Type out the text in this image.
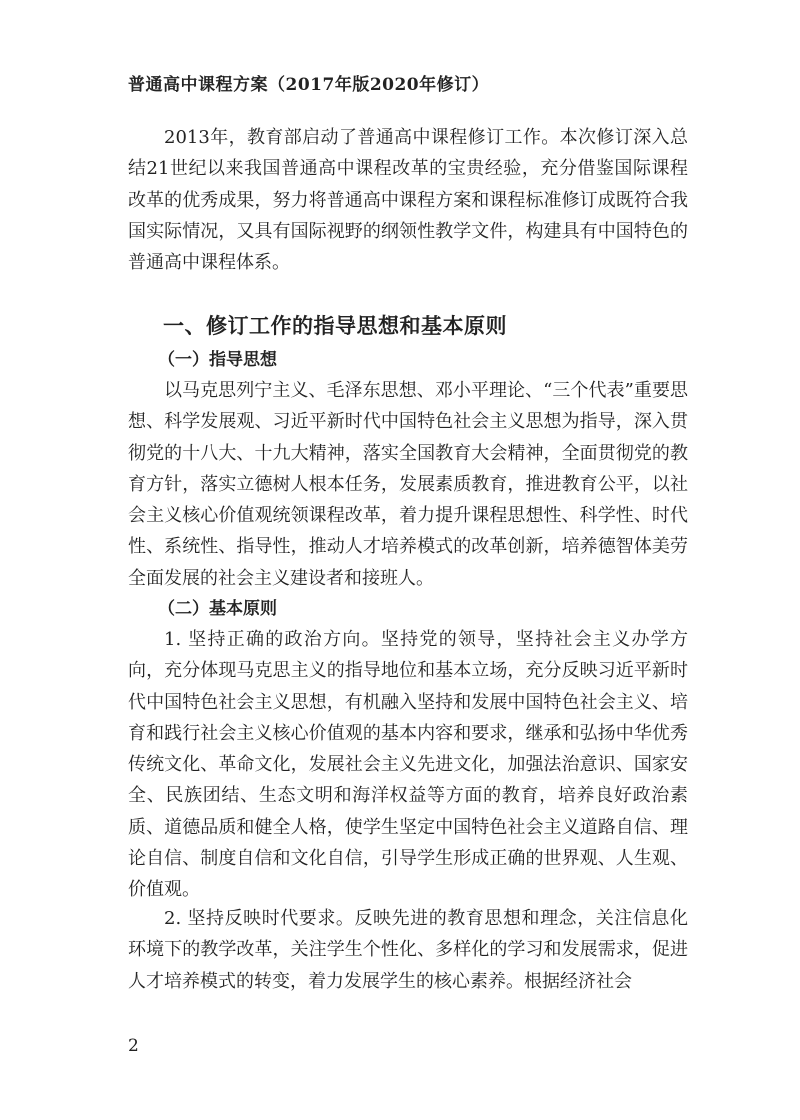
普通高中课程方案（2017年版2020年修订）

2013年，教育部启动了普通高中课程修订工作。本次修订深入总结21世纪以来我国普通高中课程改革的宝贵经验，充分借鉴国际课程改革的优秀成果，努力将普通高中课程方案和课程标准修订成既符合我国实际情况，又具有国际视野的纲领性教学文件，构建具有中国特色的普通高中课程体系。

一、修订工作的指导思想和基本原则
（一）指导思想

以马克思列宁主义、毛泽东思想、邓小平理论、“三个代表”重要思想、科学发展观、习近平新时代中国特色社会主义思想为指导，深入贯彻党的十八大、十九大精神，落实全国教育大会精神，全面贯彻党的教育方针，落实立德树人根本任务，发展素质教育，推进教育公平，以社会主义核心价值观统领课程改革，着力提升课程思想性、科学性、时代性、系统性、指导性，推动人才培养模式的改革创新，培养德智体美劳全面发展的社会主义建设者和接班人。

（二）基本原则

1. 坚持正确的政治方向。坚持党的领导，坚持社会主义办学方向，充分体现马克思主义的指导地位和基本立场，充分反映习近平新时代中国特色社会主义思想，有机融入坚持和发展中国特色社会主义、培育和践行社会主义核心价值观的基本内容和要求，继承和弘扬中华优秀传统文化、革命文化，发展社会主义先进文化，加强法治意识、国家安全、民族团结、生态文明和海洋权益等方面的教育，培养良好政治素质、道德品质和健全人格，使学生坚定中国特色社会主义道路自信、理论自信、制度自信和文化自信，引导学生形成正确的世界观、人生观、价值观。

2. 坚持反映时代要求。反映先进的教育思想和理念，关注信息化环境下的教学改革，关注学生个性化、多样化的学习和发展需求，促进人才培养模式的转变，着力发展学生的核心素养。根据经济社会

2
